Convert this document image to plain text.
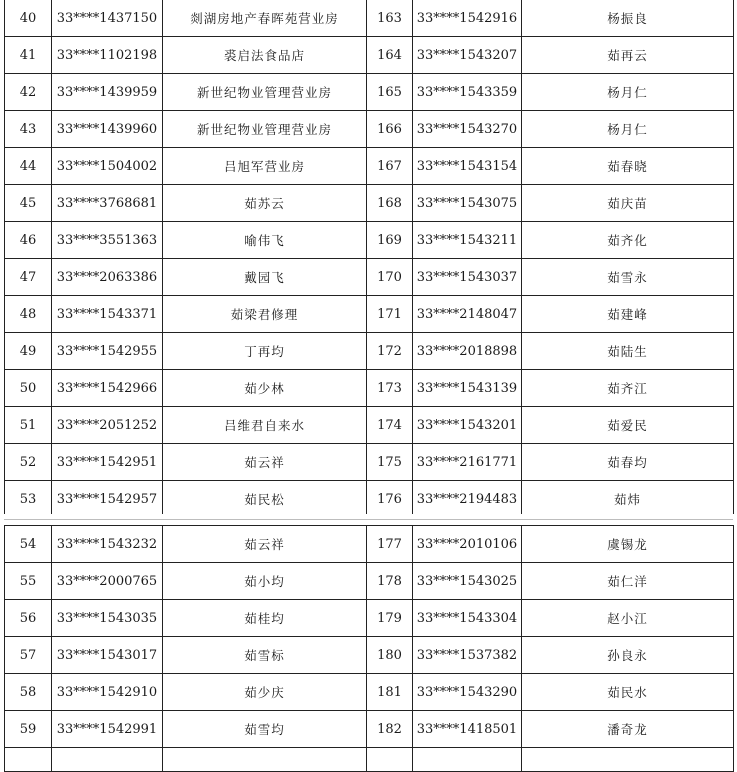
40	33****1437150	剡湖房地产春晖苑营业房	163	33****1542916	杨振良
41	33****1102198	裘启法食品店	164	33****1543207	茹再云
42	33****1439959	新世纪物业管理营业房	165	33****1543359	杨月仁
43	33****1439960	新世纪物业管理营业房	166	33****1543270	杨月仁
44	33****1504002	吕旭军营业房	167	33****1543154	茹春晓
45	33****3768681	茹苏云	168	33****1543075	茹庆苗
46	33****3551363	喻伟飞	169	33****1543211	茹齐化
47	33****2063386	戴园飞	170	33****1543037	茹雪永
48	33****1543371	茹梁君修理	171	33****2148047	茹建峰
49	33****1542955	丁再均	172	33****2018898	茹陆生
50	33****1542966	茹少林	173	33****1543139	茹齐江
51	33****2051252	吕维君自来水	174	33****1543201	茹爱民
52	33****1542951	茹云祥	175	33****2161771	茹春均
53	33****1542957	茹民松	176	33****2194483	茹炜
54	33****1543232	茹云祥	177	33****2010106	虞锡龙
55	33****2000765	茹小均	178	33****1543025	茹仁洋
56	33****1543035	茹桂均	179	33****1543304	赵小江
57	33****1543017	茹雪标	180	33****1537382	孙良永
58	33****1542910	茹少庆	181	33****1543290	茹民水
59	33****1542991	茹雪均	182	33****1418501	潘奇龙
